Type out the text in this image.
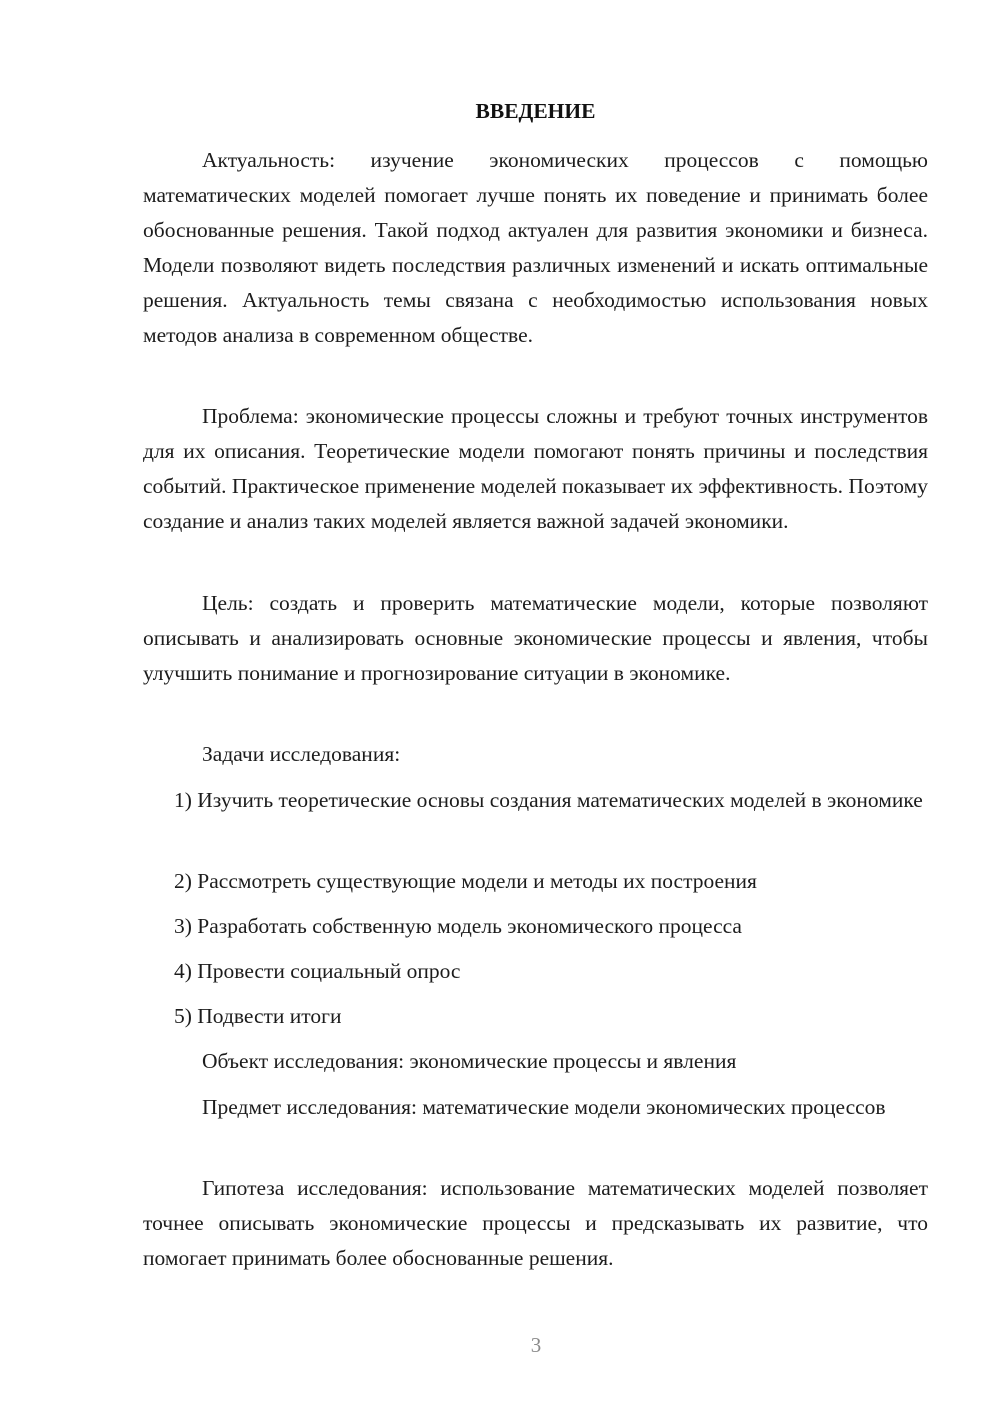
ВВЕДЕНИЕ

Актуальность: изучение экономических процессов с помощью математических моделей помогает лучше понять их поведение и принимать более обоснованные решения. Такой подход актуален для развития экономики и бизнеса. Модели позволяют видеть последствия различных изменений и искать оптимальные решения. Актуальность темы связана с необходимостью использования новых методов анализа в современном обществе.

Проблема: экономические процессы сложны и требуют точных инструментов для их описания. Теоретические модели помогают понять причины и последствия событий. Практическое применение моделей показывает их эффективность. Поэтому создание и анализ таких моделей является важной задачей экономики.

Цель: создать и проверить математические модели, которые позволяют описывать и анализировать основные экономические процессы и явления, чтобы улучшить понимание и прогнозирование ситуации в экономике.

Задачи исследования:

1) Изучить теоретические основы создания математических моделей в экономике

2) Рассмотреть существующие модели и методы их построения

3) Разработать собственную модель экономического процесса

4) Провести социальный опрос

5) Подвести итоги

Объект исследования: экономические процессы и явления

Предмет исследования: математические модели экономических процессов

Гипотеза исследования: использование математических моделей позволяет точнее описывать экономические процессы и предсказывать их развитие, что помогает принимать более обоснованные решения.

3
